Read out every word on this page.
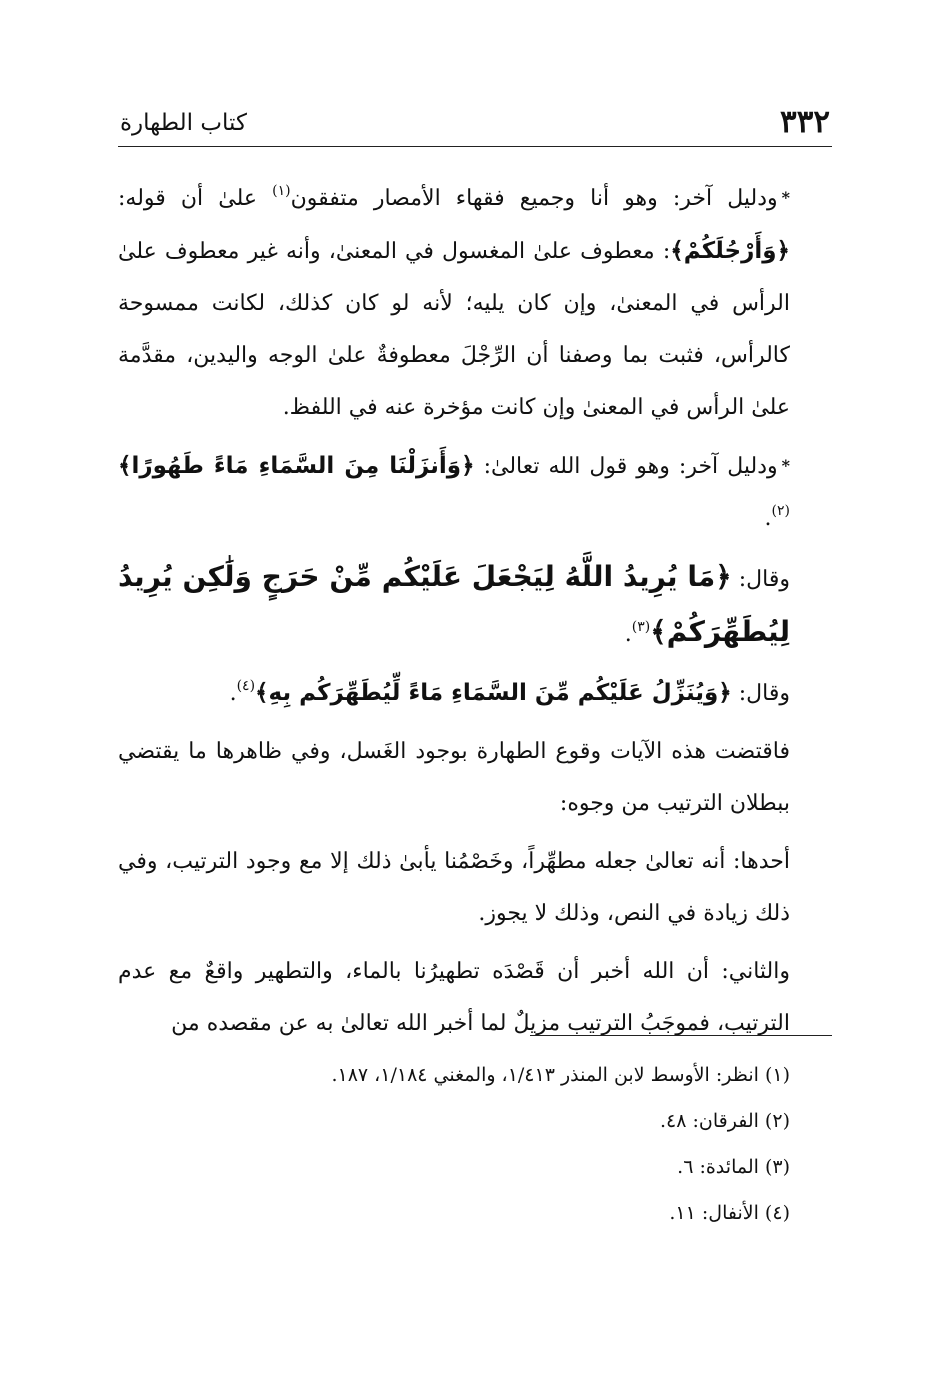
٣٣٢
كتاب الطهارة

*ودليل آخر: وهو أنا وجميع فقهاء الأمصار متفقون$^{(١)}$ علىٰ أن قوله: ﴿وَأَرْجُلَكُمْ﴾: معطوف علىٰ المغسول في المعنىٰ، وأنه غير معطوف علىٰ الرأس في المعنىٰ، وإن كان يليه؛ لأنه لو كان كذلك، لكانت ممسوحة كالرأس، فثبت بما وصفنا أن الرِّجْلَ معطوفةٌ علىٰ الوجه واليدين، مقدَّمة علىٰ الرأس في المعنىٰ وإن كانت مؤخرة عنه في اللفظ.

*ودليل آخر: وهو قول الله تعالىٰ: ﴿وَأَنزَلْنَا مِنَ السَّمَاءِ مَاءً طَهُورًا﴾$^{(٢)}$.

وقال: ﴿مَا يُرِيدُ اللَّهُ لِيَجْعَلَ عَلَيْكُم مِّنْ حَرَجٍ وَلَٰكِن يُرِيدُ لِيُطَهِّرَكُمْ﴾$^{(٣)}$.

وقال: ﴿وَيُنَزِّلُ عَلَيْكُم مِّنَ السَّمَاءِ مَاءً لِّيُطَهِّرَكُم بِهِ﴾$^{(٤)}$.

فاقتضت هذه الآيات وقوع الطهارة بوجود الغَسل، وفي ظاهرها ما يقتضي ببطلان الترتيب من وجوه:

أحدها: أنه تعالىٰ جعله مطهِّراً، وخَصْمُنا يأبىٰ ذلك إلا مع وجود الترتيب، وفي ذلك زيادة في النص، وذلك لا يجوز.

والثاني: أن الله أخبر أن قَصْدَه تطهيرُنا بالماء، والتطهير واقعٌ مع عدم الترتيب، فموجَبُ الترتيب مزيلٌ لما أخبر الله تعالىٰ به عن مقصده من

(١) انظر: الأوسط لابن المنذر ١/٤١٣، والمغني ١/١٨٤، ١٨٧.

(٢) الفرقان: ٤٨.

(٣) المائدة: ٦.

(٤) الأنفال: ١١.
